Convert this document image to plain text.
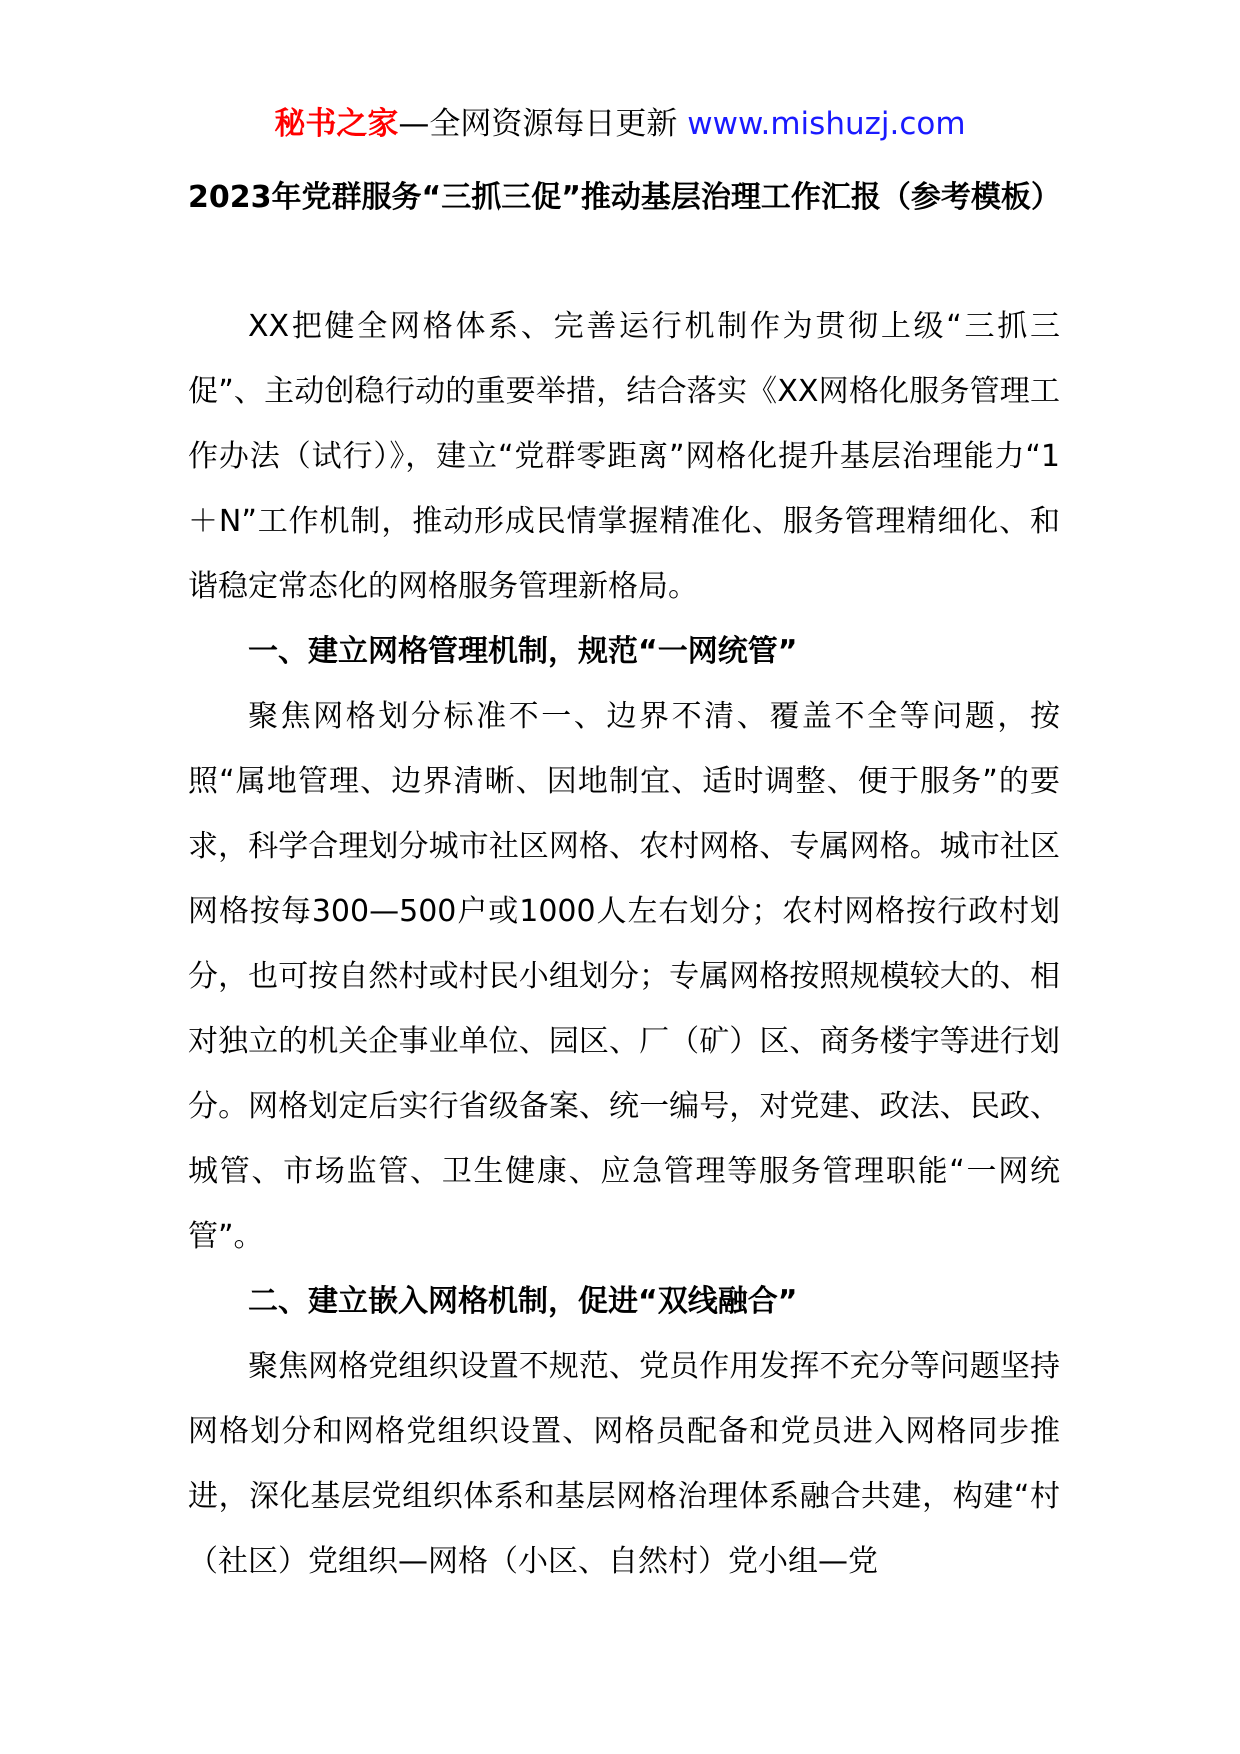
秘书之家—全网资源每日更新 www.mishuzj.com
2023年党群服务“三抓三促”推动基层治理工作汇报（参考模板）

XX把健全网格体系、完善运行机制作为贯彻上级“三抓三促”、主动创稳行动的重要举措，结合落实《XX网格化服务管理工作办法（试行）》，建立“党群零距离”网格化提升基层治理能力“1＋N”工作机制，推动形成民情掌握精准化、服务管理精细化、和谐稳定常态化的网格服务管理新格局。

一、建立网格管理机制，规范“一网统管”

聚焦网格划分标准不一、边界不清、覆盖不全等问题，按照“属地管理、边界清晰、因地制宜、适时调整、便于服务”的要求，科学合理划分城市社区网格、农村网格、专属网格。城市社区网格按每300—500户或1000人左右划分；农村网格按行政村划分，也可按自然村或村民小组划分；专属网格按照规模较大的、相对独立的机关企事业单位、园区、厂（矿）区、商务楼宇等进行划分。网格划定后实行省级备案、统一编号，对党建、政法、民政、城管、市场监管、卫生健康、应急管理等服务管理职能“一网统管”。

二、建立嵌入网格机制，促进“双线融合”

聚焦网格党组织设置不规范、党员作用发挥不充分等问题坚持网格划分和网格党组织设置、网格员配备和党员进入网格同步推进，深化基层党组织体系和基层网格治理体系融合共建，构建“村（社区）党组织—网格（小区、自然村）党小组—党
